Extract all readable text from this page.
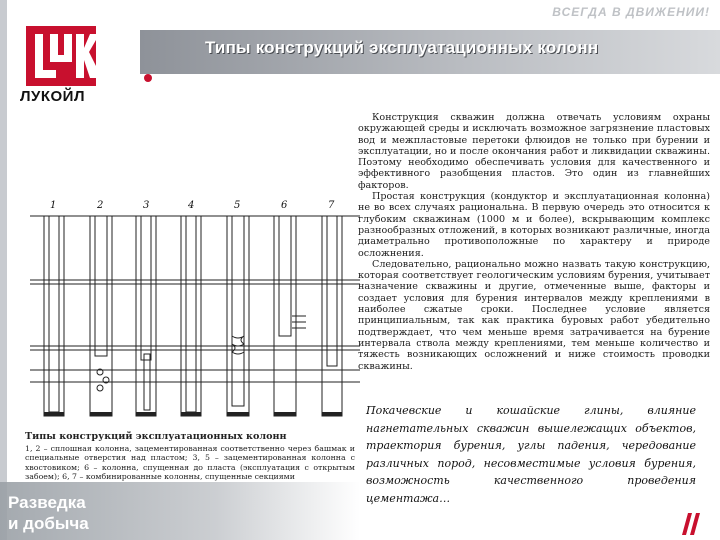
ВСЕГДА В ДВИЖЕНИИ!
Типы конструкций эксплуатационных колонн
ЛУКОЙЛ

Конструкция скважин должна отвечать условиям охраны окружающей среды и исключать возможное загрязнение пластовых вод и межпластовые перетоки флюидов не только при бурении и эксплуатации, но и после окончания работ и ликвидации скважины. Поэтому необходимо обеспечивать условия для качественного и эффективного разобщения пластов. Это один из главнейших факторов.

Простая конструкция (кондуктор и эксплуатационная колонна) не во всех случаях рациональна. В первую очередь это относится к глубоким скважинам (1000 м и более), вскрывающим комплекс разнообразных отложений, в которых возникают различные, иногда диаметрально противоположные по характеру и природе осложнения.

Следовательно, рационально можно назвать такую конструкцию, которая соответствует геологическим условиям бурения, учитывает назначение скважины и другие, отмеченные выше, факторы и создает условия для бурения интервалов между креплениями в наиболее сжатые сроки. Последнее условие является принципиальным, так как практика буровых работ убедительно подтверждает, что чем меньше время затрачивается на бурение интервала ствола между креплениями, тем меньше количество и тяжесть возникающих осложнений и ниже стоимость проводки скважины.

1	2	3	4	5	6	7
Типы конструкций эксплуатационных колонн
1, 2 – сплошная колонна, зацементированная соответственно через башмак и специальные отверстия над пластом; 3, 5 – зацементированная колонна с хвостовиком; 6 – колонна, спущенная до пласта (эксплуатация с открытым забоем); 6, 7 – комбинированные колонны, спущенные секциями
Покачевские и кошайские глины, влияние нагнетательных скважин вышележащих объектов, траектория бурения, углы падения, чередование различных пород, несовместимые условия бурения, возможность качественного проведения цементажа…
Разведка
и добыча
